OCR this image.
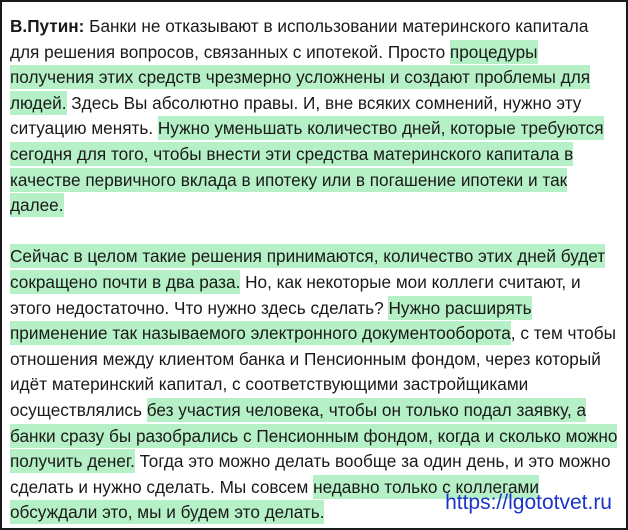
В.Путин: Банки не отказывают в использовании материнского капитала для решения вопросов, связанных с ипотекой. Просто процедуры получения этих средств чрезмерно усложнены и создают проблемы для людей. Здесь Вы абсолютно правы. И, вне всяких сомнений, нужно эту ситуацию менять. Нужно уменьшать количество дней, которые требуются сегодня для того, чтобы внести эти средства материнского капитала в качестве первичного вклада в ипотеку или в погашение ипотеки и так далее.

Сейчас в целом такие решения принимаются, количество этих дней будет сокращено почти в два раза. Но, как некоторые мои коллеги считают, и этого недостаточно. Что нужно здесь сделать? Нужно расширять применение так называемого электронного документооборота, с тем чтобы отношения между клиентом банка и Пенсионным фондом, через который идёт материнский капитал, с соответствующими застройщиками осуществлялись без участия человека, чтобы он только подал заявку, а банки сразу бы разобрались с Пенсионным фондом, когда и сколько можно получить денег. Тогда это можно делать вообще за один день, и это можно сделать и нужно сделать. Мы совсем недавно только с коллегами обсуждали это, мы и будем это делать.	https://lgototvet.ru
